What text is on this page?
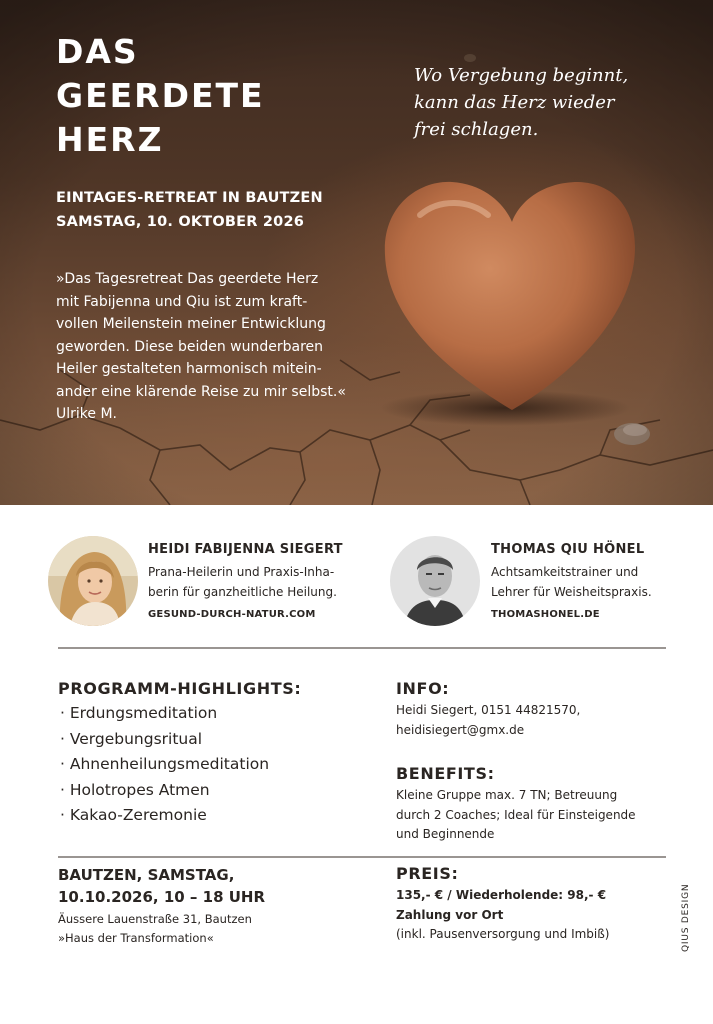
DAS
GEERDETE
HERZ
EINTAGES-RETREAT IN BAUTZEN
SAMSTAG, 10. OKTOBER 2026
»Das Tagesretreat Das geerdete Herz
mit Fabijenna und Qiu ist zum kraft-
vollen Meilenstein meiner Entwicklung
geworden. Diese beiden wunderbaren
Heiler gestalteten harmonisch mitein-
ander eine klärende Reise zu mir selbst.«
Ulrike M.
Wo Vergebung beginnt,
kann das Herz wieder
frei schlagen.
HEIDI FABIJENNA SIEGERT
Prana-Heilerin und Praxis-Inha-
berin für ganzheitliche Heilung.
GESUND-DURCH-NATUR.COM
THOMAS QIU HÖNEL
Achtsamkeitstrainer und
Lehrer für Weisheitspraxis.
THOMASHONEL.DE
PROGRAMM-HIGHLIGHTS:
· Erdungsmeditation
· Vergebungsritual
· Ahnenheilungsmeditation
· Holotropes Atmen
· Kakao-Zeremonie
INFO:
Heidi Siegert, 0151 44821570,
heidisiegert@gmx.de
BENEFITS:
Kleine Gruppe max. 7 TN; Betreuung
durch 2 Coaches; Ideal für Einsteigende
und Beginnende
BAUTZEN, SAMSTAG,
10.10.2026, 10 – 18 UHR
Äussere Lauenstraße 31, Bautzen
»Haus der Transformation«
PREIS:
135,- € / Wiederholende: 98,- €
Zahlung vor Ort
(inkl. Pausenversorgung und Imbiß)	QIUS DESIGN
